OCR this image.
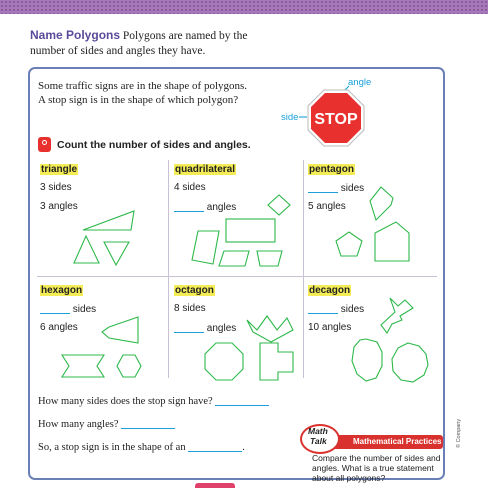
Name Polygons Polygons are named by the number of sides and angles they have.
Some traffic signs are in the shape of polygons. A stop sign is in the shape of which polygon?
angle
side STOP
Count the number of sides and angles.
triangle
3 sides
3 angles
quadrilateral
4 sides
angles
pentagon
sides
5 angles
hexagon
sides
6 angles
octagon
8 sides
angles
decagon
sides
10 angles
How many sides does the stop sign have?
How many angles?
So, a stop sign is in the shape of an	.
Mathematical Practices
Math
Talk
Compare the number of sides and angles. What is a true statement about all polygons?
© Company
